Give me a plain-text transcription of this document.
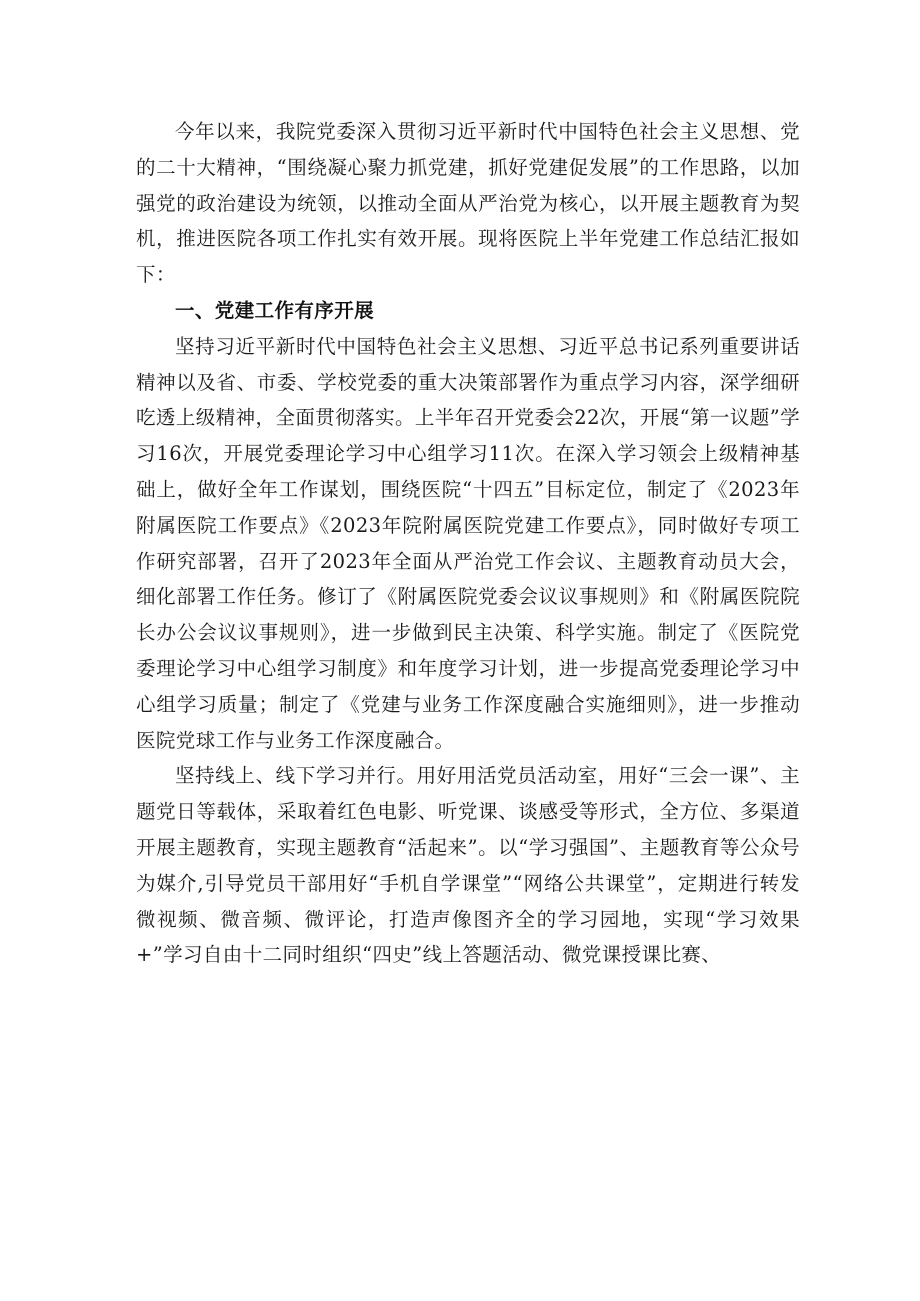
今年以来，我院党委深入贯彻习近平新时代中国特色社会主义思想、党的二十大精神，“围绕凝心聚力抓党建，抓好党建促发展”的工作思路，以加强党的政治建设为统领，以推动全面从严治党为核心，以开展主题教育为契机，推进医院各项工作扎实有效开展。现将医院上半年党建工作总结汇报如下：

一、党建工作有序开展

坚持习近平新时代中国特色社会主义思想、习近平总书记系列重要讲话精神以及省、市委、学校党委的重大决策部署作为重点学习内容，深学细研吃透上级精神，全面贯彻落实。上半年召开党委会22次，开展“第一议题”学习16次，开展党委理论学习中心组学习11次。在深入学习领会上级精神基础上，做好全年工作谋划，围绕医院“十四五”目标定位，制定了《2023年附属医院工作要点》《2023年院附属医院党建工作要点》，同时做好专项工作研究部署，召开了2023年全面从严治党工作会议、主题教育动员大会，细化部署工作任务。修订了《附属医院党委会议议事规则》和《附属医院院长办公会议议事规则》，进一步做到民主决策、科学实施。制定了《医院党委理论学习中心组学习制度》和年度学习计划，进一步提高党委理论学习中心组学习质量；制定了《党建与业务工作深度融合实施细则》，进一步推动医院党球工作与业务工作深度融合。

坚持线上、线下学习并行。用好用活党员活动室，用好“三会一课”、主题党日等载体，采取着红色电影、听党课、谈感受等形式，全方位、多渠道开展主题教育，实现主题教育“活起来”。以“学习强国”、主题教育等公众号为媒介,引导党员干部用好“手机自学课堂”“网络公共课堂”，定期进行转发微视频、微音频、微评论，打造声像图齐全的学习园地，实现“学习效果+”学习自由十二同时组织“四史”线上答题活动、微党课授课比赛、
